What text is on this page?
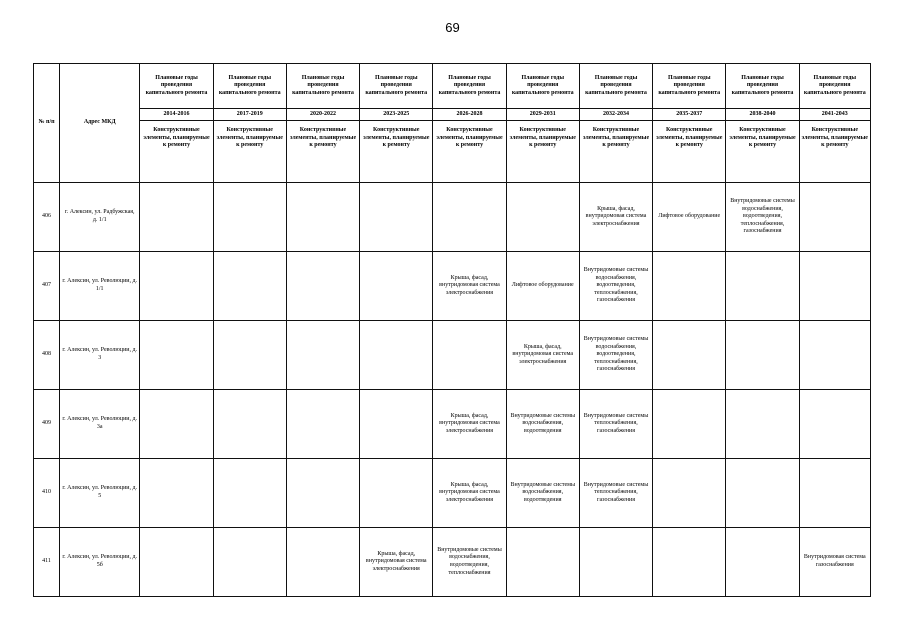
69
№ п/п	Адрес МКД	Плановые годы проведения капитального ремонта	Плановые годы проведения капитального ремонта	Плановые годы проведения капитального ремонта	Плановые годы проведения капитального ремонта	Плановые годы проведения капитального ремонта	Плановые годы проведения капитального ремонта	Плановые годы проведения капитального ремонта	Плановые годы проведения капитального ремонта	Плановые годы проведения капитального ремонта	Плановые годы проведения капитального ремонта
		2014-2016	2017-2019	2020-2022	2023-2025	2026-2028	2029-2031	2032-2034	2035-2037	2038-2040	2041-2043
		Конструктивные элементы, планируемые к ремонту	Конструктивные элементы, планируемые к ремонту	Конструктивные элементы, планируемые к ремонту	Конструктивные элементы, планируемые к ремонту	Конструктивные элементы, планируемые к ремонту	Конструктивные элементы, планируемые к ремонту	Конструктивные элементы, планируемые к ремонту	Конструктивные элементы, планируемые к ремонту	Конструктивные элементы, планируемые к ремонту	Конструктивные элементы, планируемые к ремонту
406	г. Алексин, ул. Радбужская, д. 1/1							Крыша, фасад, внутридомовая система электроснабжения	Лифтовое оборудование	Внутридомовые системы водоснабжения, водоотведения, теплоснабжения, газоснабжения	
407	г. Алексин, ул. Революции, д. 1/1					Крыша, фасад, внутридомовая система электроснабжения	Лифтовое оборудование	Внутридомовые системы водоснабжения, водоотведения, теплоснабжения, газоснабжения			
408	г. Алексин, ул. Революции, д. 3						Крыша, фасад, внутридомовая система электроснабжения	Внутридомовые системы водоснабжения, водоотведения, теплоснабжения, газоснабжения			
409	г. Алексин, ул. Революции, д. 3а					Крыша, фасад, внутридомовая система электроснабжения	Внутридомовые системы водоснабжения, водоотведения	Внутридомовые системы теплоснабжения, газоснабжения			
410	г. Алексин, ул. Революции, д. 5					Крыша, фасад, внутридомовая система электроснабжения	Внутридомовые системы водоснабжения, водоотведения	Внутридомовые системы теплоснабжения, газоснабжения			
411	г. Алексин, ул. Революции, д. 5б				Крыша, фасад, внутридомовая система электроснабжения	Внутридомовые системы водоснабжения, водоотведения, теплоснабжения					Внутридомовая система газоснабжения
